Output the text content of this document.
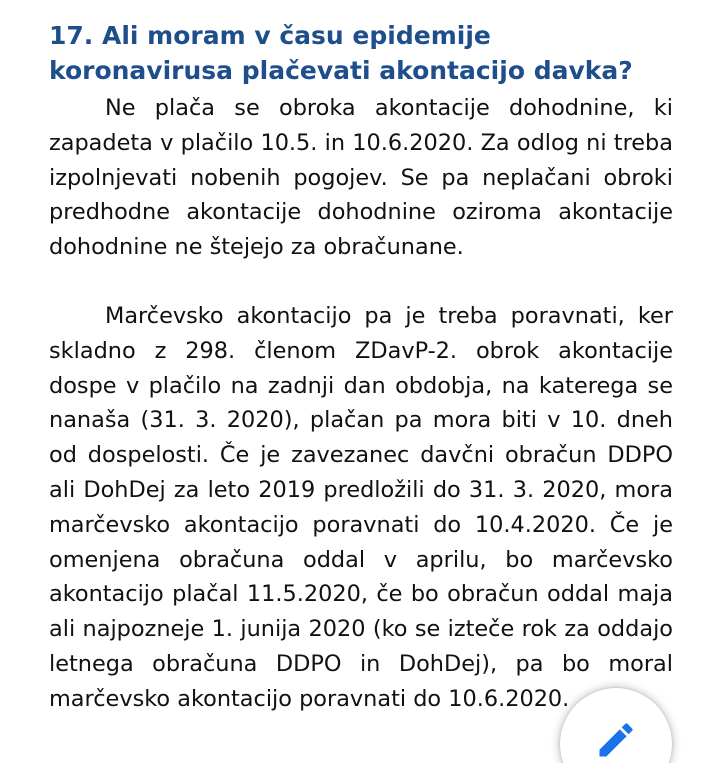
17. Ali moram v času epidemije koronavirusa plačevati akontacijo davka?

Ne plača se obroka akontacije dohodnine, ki zapadeta v plačilo 10.5. in 10.6.2020. Za odlog ni treba izpolnjevati nobenih pogojev. Se pa neplačani obroki predhodne akontacije dohodnine oziroma akontacije dohodnine ne štejejo za obračunane.

Marčevsko akontacijo pa je treba poravnati, ker skladno z 298. členom ZDavP-2. obrok akontacije dospe v plačilo na zadnji dan obdobja, na katerega se nanaša (31. 3. 2020), plačan pa mora biti v 10. dneh od dospelosti. Če je zavezanec davčni obračun DDPO ali DohDej za leto 2019 predložili do 31. 3. 2020, mora marčevsko akontacijo poravnati do 10.4.2020. Če je omenjena obračuna oddal v aprilu, bo marčevsko akontacijo plačal 11.5.2020, če bo obračun oddal maja ali najpozneje 1. junija 2020 (ko se izteče rok za oddajo letnega obračuna DDPO in DohDej), pa bo moral marčevsko akontacijo poravnati do 10.6.2020.
